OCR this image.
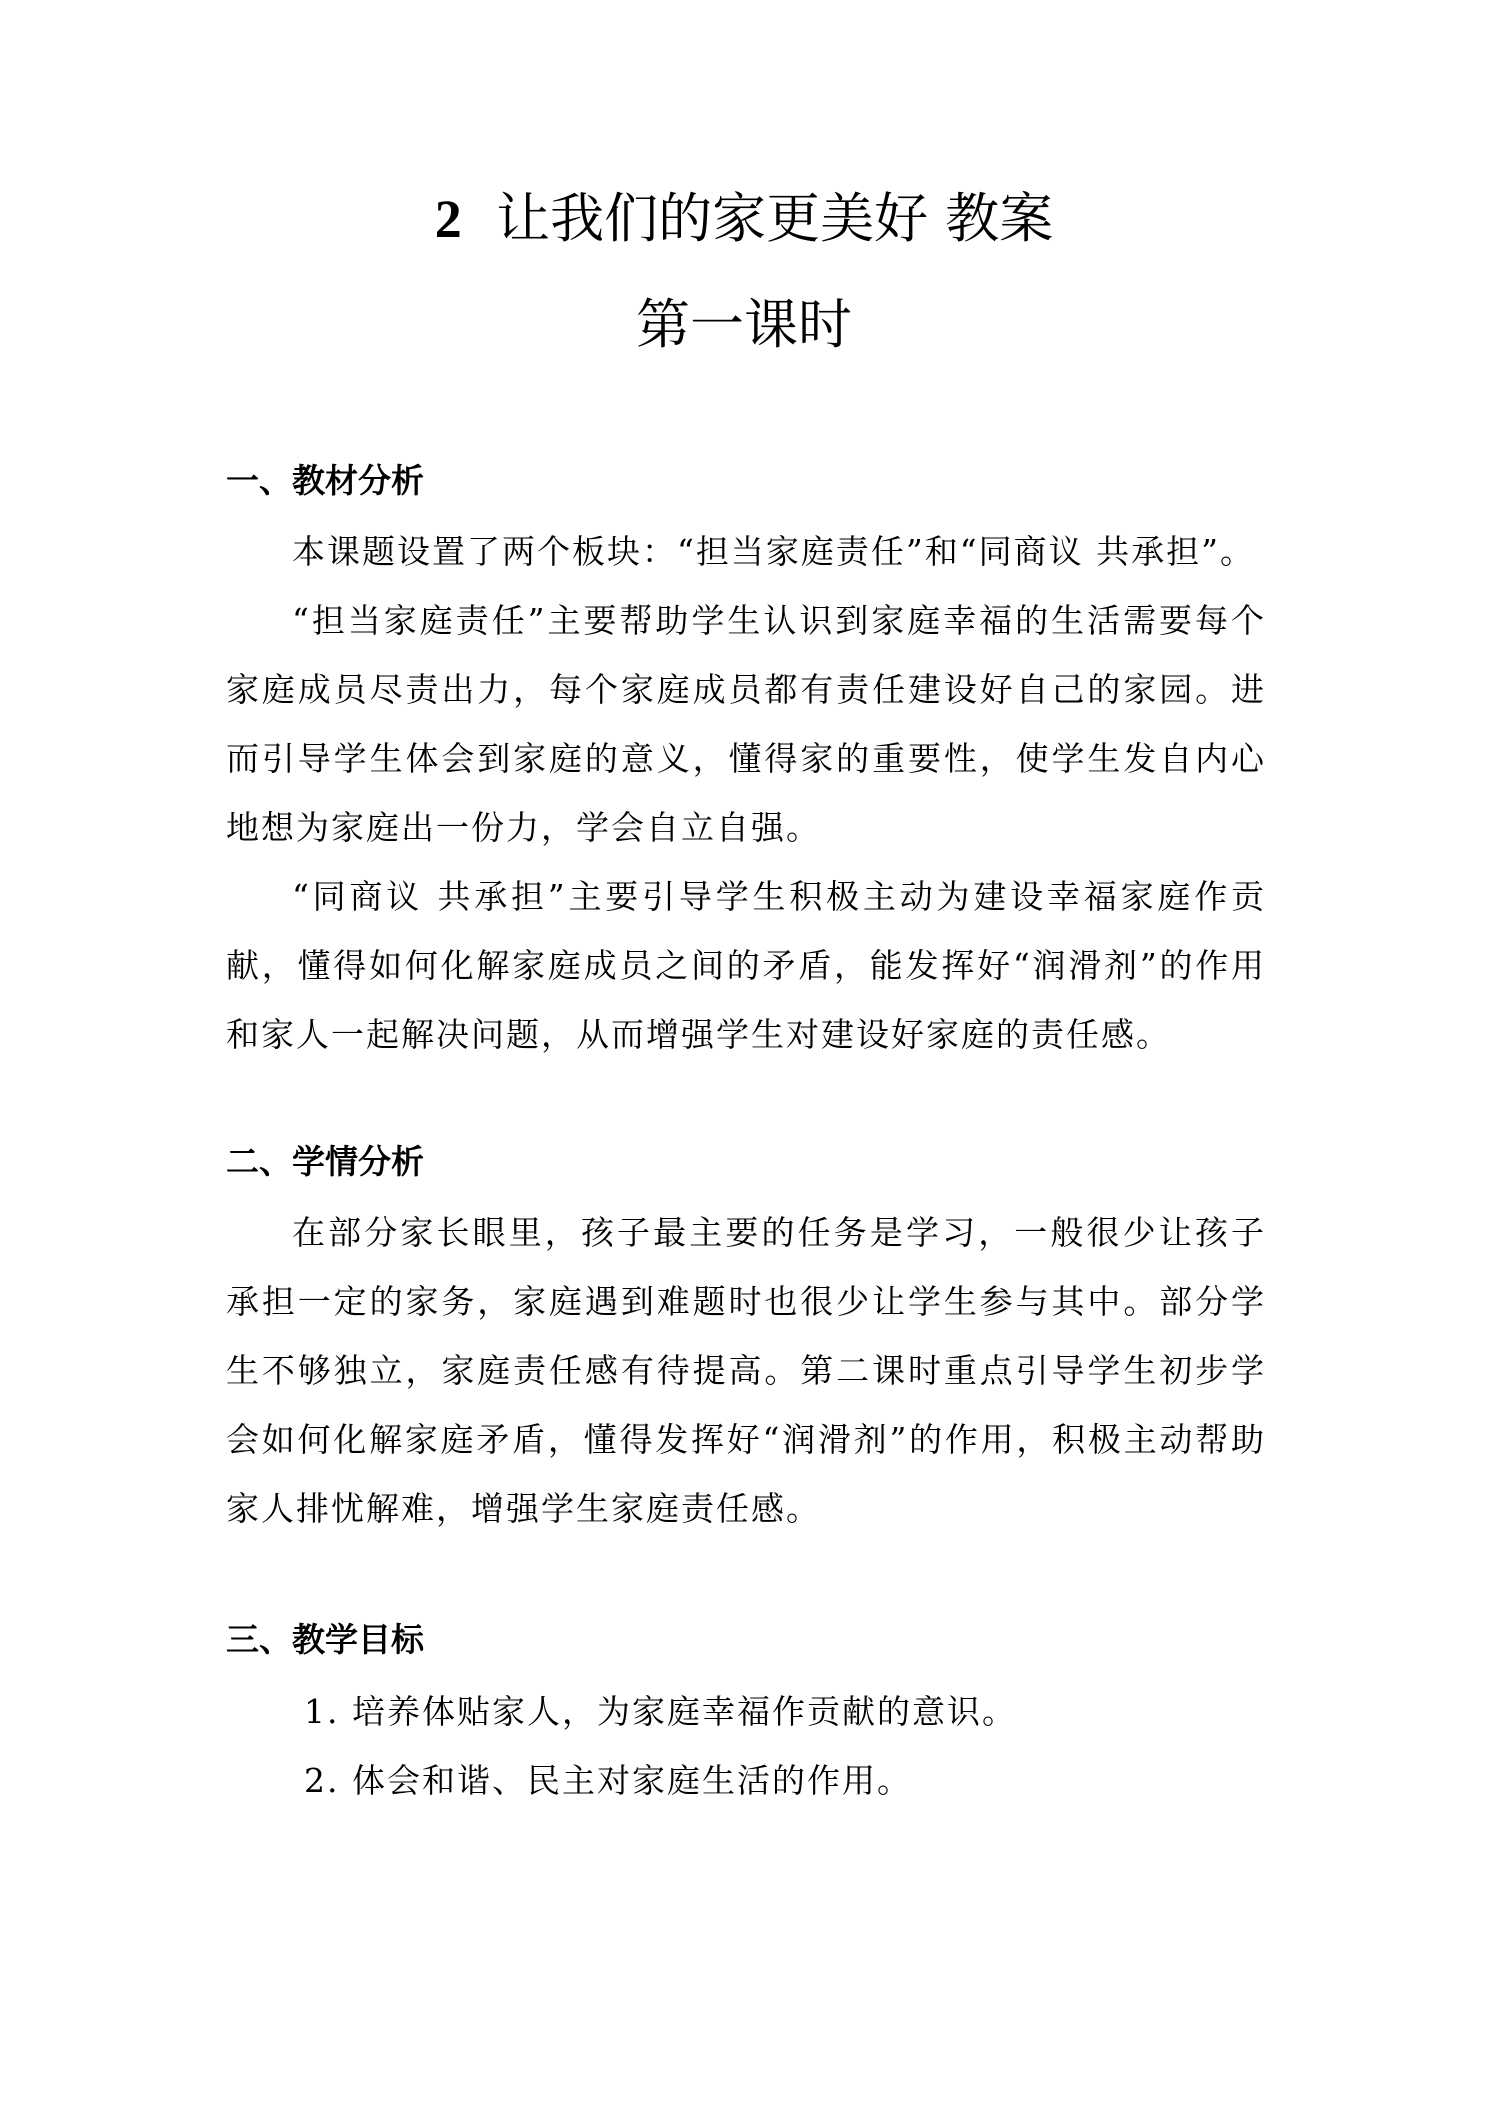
2 让我们的家更美好 教案
第一课时
一、教材分析

本课题设置了两个板块：“担当家庭责任”和“同商议 共承担”。

“担当家庭责任”主要帮助学生认识到家庭幸福的生活需要每个家庭成员尽责出力，每个家庭成员都有责任建设好自己的家园。进而引导学生体会到家庭的意义，懂得家的重要性，使学生发自内心地想为家庭出一份力，学会自立自强。

“同商议 共承担”主要引导学生积极主动为建设幸福家庭作贡献，懂得如何化解家庭成员之间的矛盾，能发挥好“润滑剂”的作用和家人一起解决问题，从而增强学生对建设好家庭的责任感。

二、学情分析

在部分家长眼里，孩子最主要的任务是学习，一般很少让孩子承担一定的家务，家庭遇到难题时也很少让学生参与其中。部分学生不够独立，家庭责任感有待提高。第二课时重点引导学生初步学会如何化解家庭矛盾，懂得发挥好“润滑剂”的作用，积极主动帮助家人排忧解难，增强学生家庭责任感。

三、教学目标

1. 培养体贴家人，为家庭幸福作贡献的意识。

2. 体会和谐、民主对家庭生活的作用。
